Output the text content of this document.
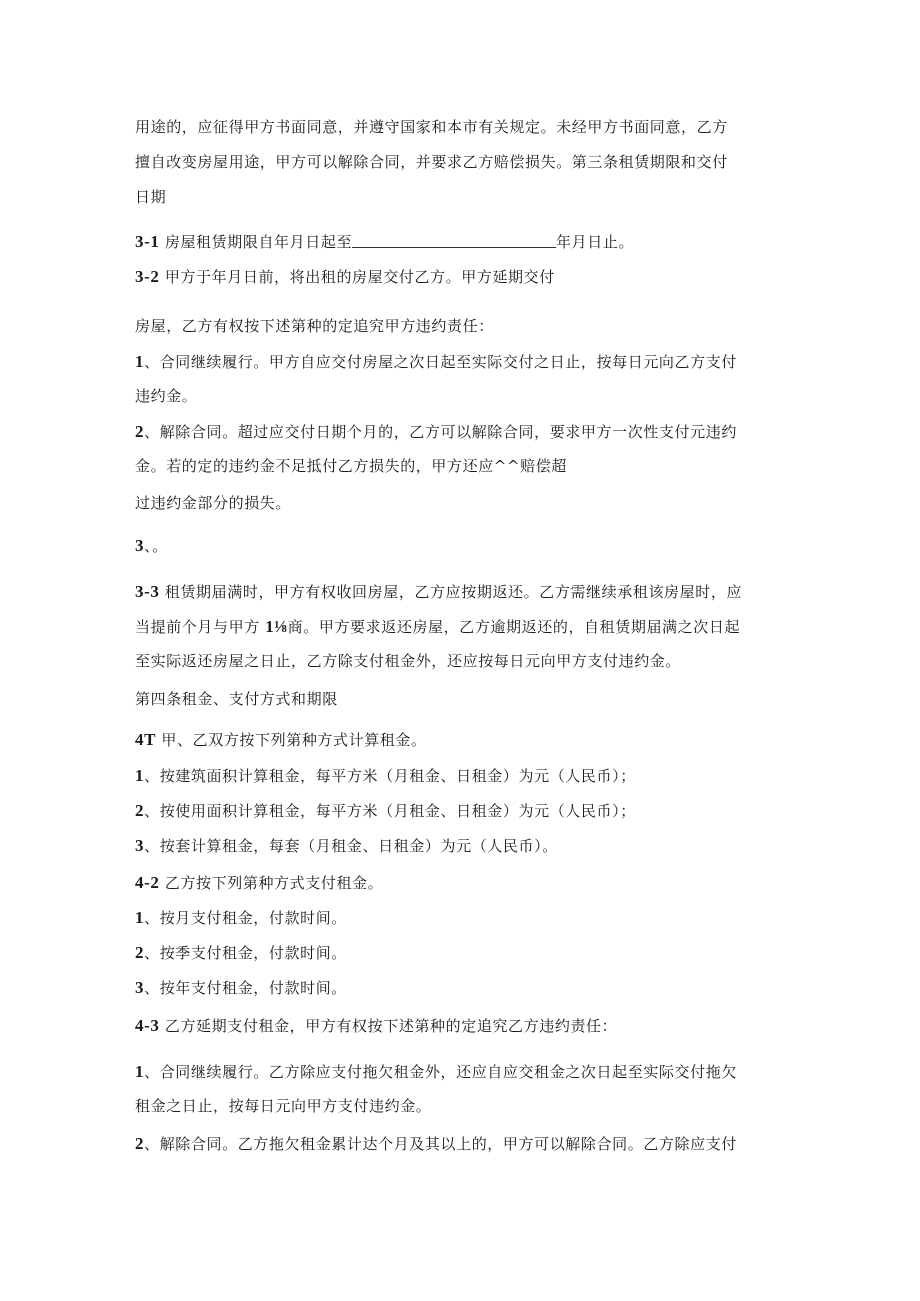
用途的，应征得甲方书面同意，并遵守国家和本市有关规定。未经甲方书面同意，乙方
擅自改变房屋用途，甲方可以解除合同，并要求乙方赔偿损失。第三条租赁期限和交付
日期
3-1 房屋租赁期限自年月日起至	年月日止。
3-2 甲方于年月日前，将出租的房屋交付乙方。甲方延期交付
房屋，乙方有权按下述第种的定追究甲方违约责任：
1、合同继续履行。甲方自应交付房屋之次日起至实际交付之日止，按每日元向乙方支付
违约金。
2、解除合同。超过应交付日期个月的，乙方可以解除合同，要求甲方一次性支付元违约
金。若的定的违约金不足抵付乙方损失的，甲方还应^^赔偿超
过违约金部分的损失。
3、。
3-3 租赁期届满时，甲方有权收回房屋，乙方应按期返还。乙方需继续承租该房屋时，应
当提前个月与甲方 1⅛商。甲方要求返还房屋，乙方逾期返还的，自租赁期届满之次日起
至实际返还房屋之日止，乙方除支付租金外，还应按每日元向甲方支付违约金。
第四条租金、支付方式和期限
4T 甲、乙双方按下列第种方式计算租金。
1、按建筑面积计算租金，每平方米（月租金、日租金）为元（人民币）；
2、按使用面积计算租金，每平方米（月租金、日租金）为元（人民币）；
3、按套计算租金，每套（月租金、日租金）为元（人民币）。
4-2 乙方按下列第种方式支付租金。
1、按月支付租金，付款时间。
2、按季支付租金，付款时间。
3、按年支付租金，付款时间。
4-3 乙方延期支付租金，甲方有权按下述第种的定追究乙方违约责任：
1、合同继续履行。乙方除应支付拖欠租金外，还应自应交租金之次日起至实际交付拖欠
租金之日止，按每日元向甲方支付违约金。
2、解除合同。乙方拖欠租金累计达个月及其以上的，甲方可以解除合同。乙方除应支付
